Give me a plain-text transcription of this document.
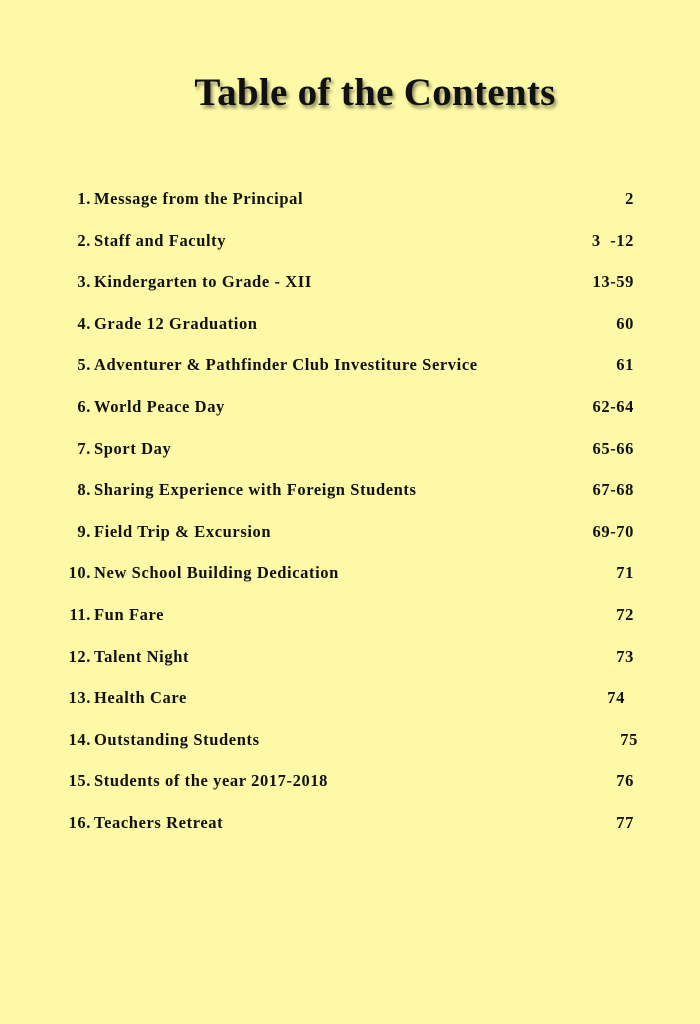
Table of the Contents
1. Message from the Principal	2
2. Staff and Faculty	3  -12
3. Kindergarten to Grade - XII	13-59
4. Grade 12 Graduation	60
5. Adventurer & Pathfinder Club Investiture Service	61
6. World Peace Day	62-64
7. Sport Day	65-66
8. Sharing Experience with Foreign Students	67-68
9. Field Trip & Excursion	69-70
10. New School Building Dedication	71
11. Fun Fare	72
12. Talent Night	73
13. Health Care	74
14. Outstanding Students	75
15. Students of the year 2017-2018	76
16. Teachers Retreat	77
